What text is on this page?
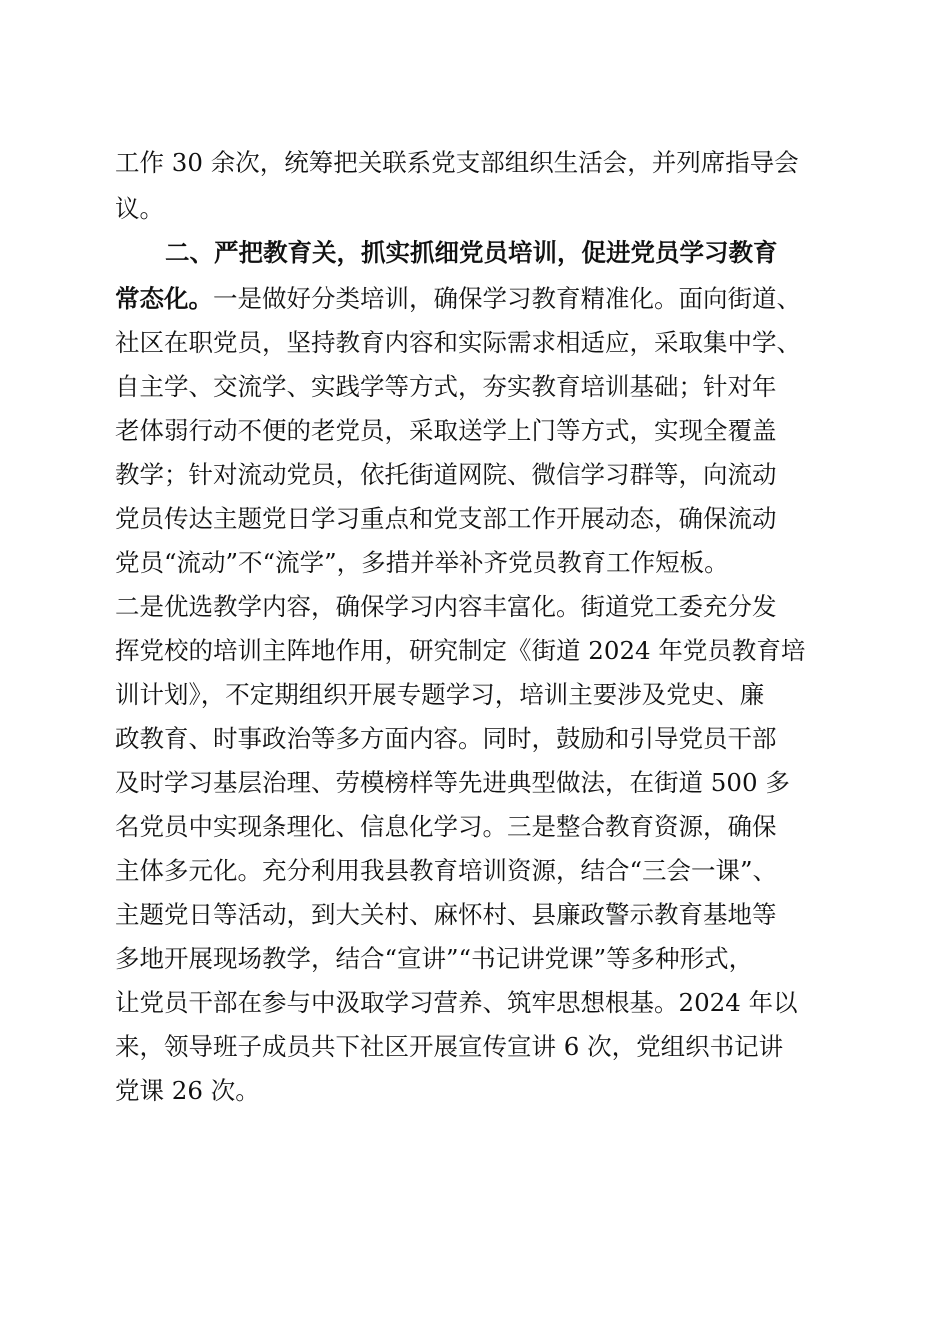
工作 30 余次，统筹把关联系党支部组织生活会，并列席指导会
议。
二、严把教育关，抓实抓细党员培训，促进党员学习教育
常态化。一是做好分类培训，确保学习教育精准化。面向街道、
社区在职党员，坚持教育内容和实际需求相适应，采取集中学、
自主学、交流学、实践学等方式，夯实教育培训基础；针对年
老体弱行动不便的老党员，采取送学上门等方式，实现全覆盖
教学；针对流动党员，依托街道网院、微信学习群等，向流动
党员传达主题党日学习重点和党支部工作开展动态，确保流动
党员“流动”不“流学”，多措并举补齐党员教育工作短板。
二是优选教学内容，确保学习内容丰富化。街道党工委充分发
挥党校的培训主阵地作用，研究制定《街道 2024 年党员教育培
训计划》，不定期组织开展专题学习，培训主要涉及党史、廉
政教育、时事政治等多方面内容。同时，鼓励和引导党员干部
及时学习基层治理、劳模榜样等先进典型做法，在街道 500 多
名党员中实现条理化、信息化学习。三是整合教育资源，确保
主体多元化。充分利用我县教育培训资源，结合“三会一课”、
主题党日等活动，到大关村、麻怀村、县廉政警示教育基地等
多地开展现场教学，结合“宣讲”“书记讲党课”等多种形式，
让党员干部在参与中汲取学习营养、筑牢思想根基。2024 年以
来，领导班子成员共下社区开展宣传宣讲 6 次，党组织书记讲
党课 26 次。
